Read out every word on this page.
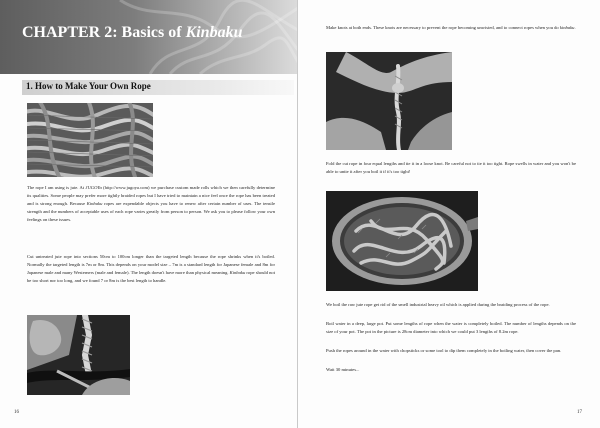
CHAPTER 2: Basics of Kinbaku
1. How to Make Your Own Rope

The rope I am using is jute. At JUGOYa (http://www.jugoya.com) we purchase custom made rolls which we then carefully determine its qualities. Some people may prefer more tightly braided ropes but I have tried to maintain a nice feel once the rope has been treated and is strong enough. Because Kinbaku ropes are expendable objects you have to renew after certain number of uses. The tensile strength and the numbers of acceptable uses of each rope varies greatly from person to person. We ask you to please follow your own feelings on these issues.

Cut untreated jute rope into sections 50cm to 100cm longer than the targeted length because the rope shrinks when it's boiled. Normally the targeted length is 7m or 8m. This depends on your model size – 7m is a standard length for Japanese female and 8m for Japanese male and many Westerners (male and female). The length doesn't have more than physical meaning. Kinbaku rope should not be too short nor too long, and we found 7 or 8m is the best length to handle.

16

Make knots at both ends. These knots are necessary to prevent the rope becoming unwisted, and to connect ropes when you do kinbaku.

Fold the cut rope in four equal lengths and tie it in a loose knot. Be careful not to tie it too tight. Rope swells in water and you won't be able to untie it after you boil it if it's too tight!

We boil the raw jute rope get rid of the smell industrial heavy oil which is applied during the braiding process of the rope.

Boil water in a deep, large pot. Put some lengths of rope when the water is completely boiled. The number of lengths depends on the size of your pot. The pot in the picture is 28cm diameter into which we could put 3 lengths of 8.2m rope.

Push the ropes around in the water with chopsticks or some tool to dip them completely in the boiling water, then cover the pan.

Wait 30 minutes...

17
